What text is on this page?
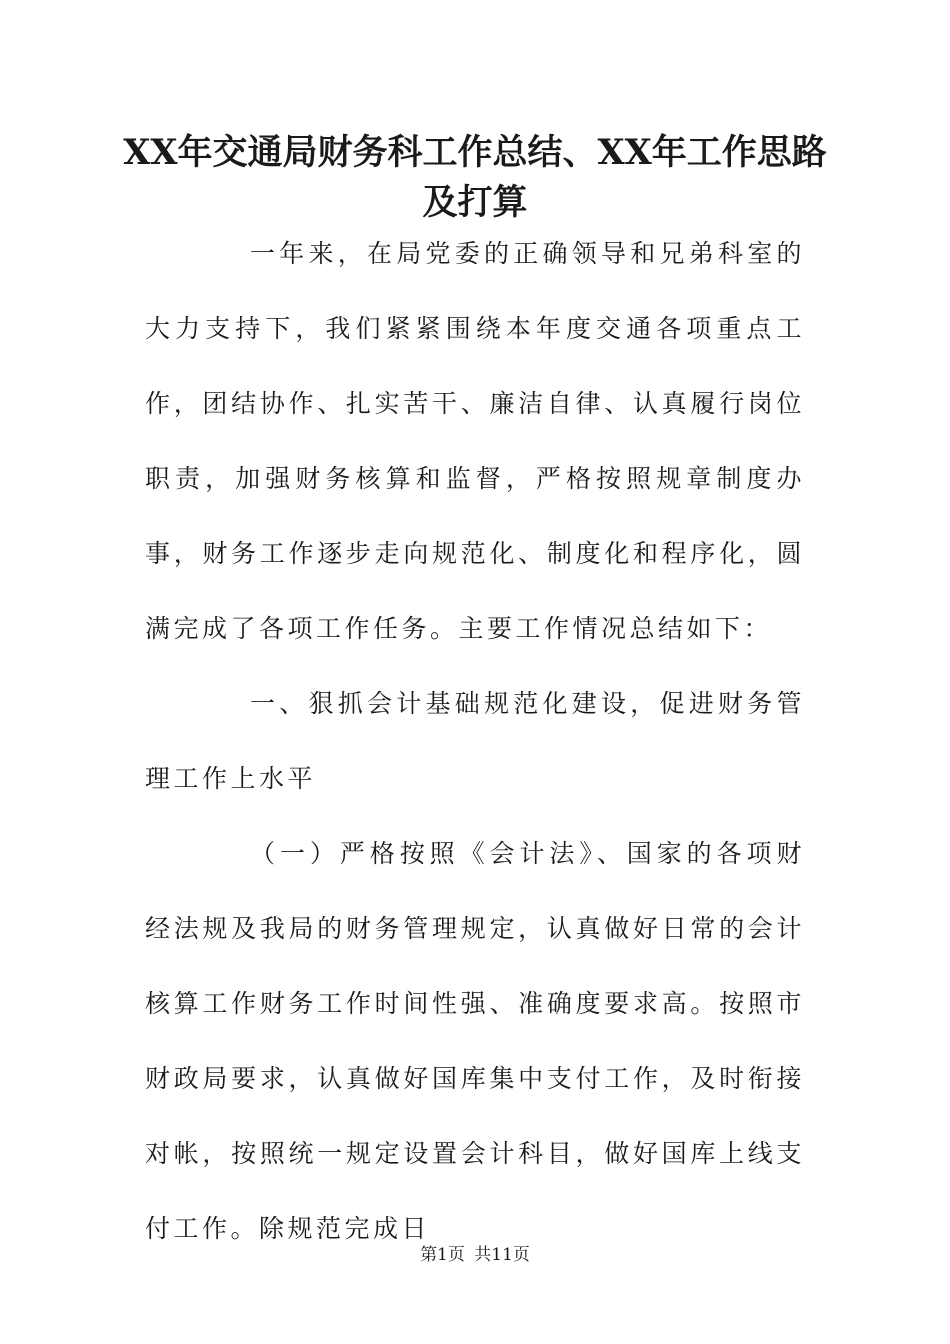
XX年交通局财务科工作总结、XX年工作思路及打算

一年来，在局党委的正确领导和兄弟科室的大力支持下，我们紧紧围绕本年度交通各项重点工作，团结协作、扎实苦干、廉洁自律、认真履行岗位职责，加强财务核算和监督，严格按照规章制度办事，财务工作逐步走向规范化、制度化和程序化，圆满完成了各项工作任务。主要工作情况总结如下：

一、狠抓会计基础规范化建设，促进财务管理工作上水平

（一）严格按照《会计法》、国家的各项财经法规及我局的财务管理规定，认真做好日常的会计核算工作财务工作时间性强、准确度要求高。按照市财政局要求，认真做好国库集中支付工作，及时衔接对帐，按照统一规定设置会计科目，做好国库上线支付工作。除规范完成日

第1页 共11页
